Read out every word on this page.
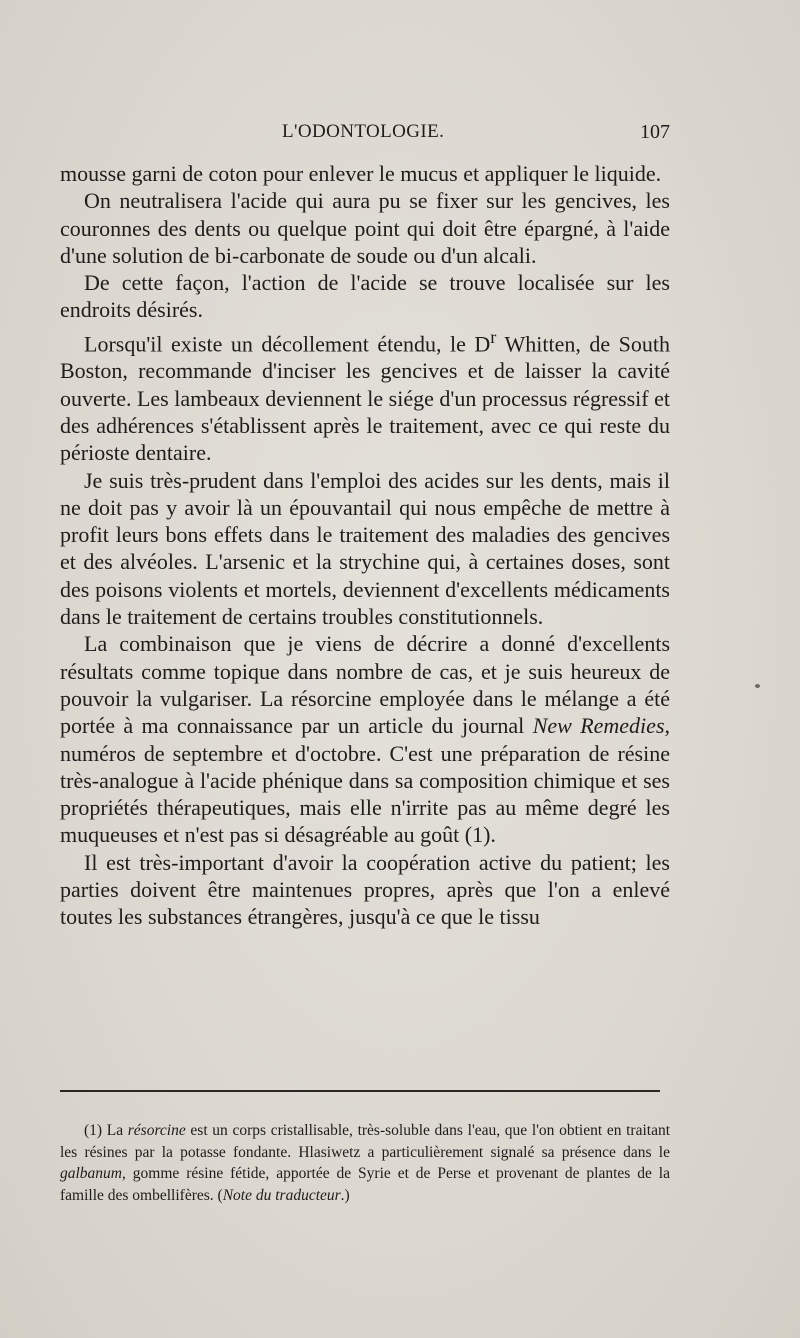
L'ODONTOLOGIE.	107

mousse garni de coton pour enlever le mucus et appliquer le liquide.

On neutralisera l'acide qui aura pu se fixer sur les gencives, les couronnes des dents ou quelque point qui doit être épargné, à l'aide d'une solution de bi-carbonate de soude ou d'un alcali.

De cette façon, l'action de l'acide se trouve localisée sur les endroits désirés.

Lorsqu'il existe un décollement étendu, le $D^r$ Whitten, de South Boston, recommande d'inciser les gencives et de laisser la cavité ouverte. Les lambeaux deviennent le siége d'un processus régressif et des adhérences s'établissent après le traitement, avec ce qui reste du périoste dentaire.

Je suis très-prudent dans l'emploi des acides sur les dents, mais il ne doit pas y avoir là un épouvantail qui nous empêche de mettre à profit leurs bons effets dans le traitement des maladies des gencives et des alvéoles. L'arsenic et la strychine qui, à certaines doses, sont des poisons violents et mortels, deviennent d'excellents médicaments dans le traitement de certains troubles constitutionnels.

La combinaison que je viens de décrire a donné d'excellents résultats comme topique dans nombre de cas, et je suis heureux de pouvoir la vulgariser. La résorcine employée dans le mélange a été portée à ma connaissance par un article du journal New Remedies, numéros de septembre et d'octobre. C'est une préparation de résine très-analogue à l'acide phénique dans sa composition chimique et ses propriétés thérapeutiques, mais elle n'irrite pas au même degré les muqueuses et n'est pas si désagréable au goût (1).

Il est très-important d'avoir la coopération active du patient; les parties doivent être maintenues propres, après que l'on a enlevé toutes les substances étrangères, jusqu'à ce que le tissu

(1) La résorcine est un corps cristallisable, très-soluble dans l'eau, que l'on obtient en traitant les résines par la potasse fondante. Hlasiwetz a particulièrement signalé sa présence dans le galbanum, gomme résine fétide, apportée de Syrie et de Perse et provenant de plantes de la famille des ombellifères. (Note du traducteur.)
